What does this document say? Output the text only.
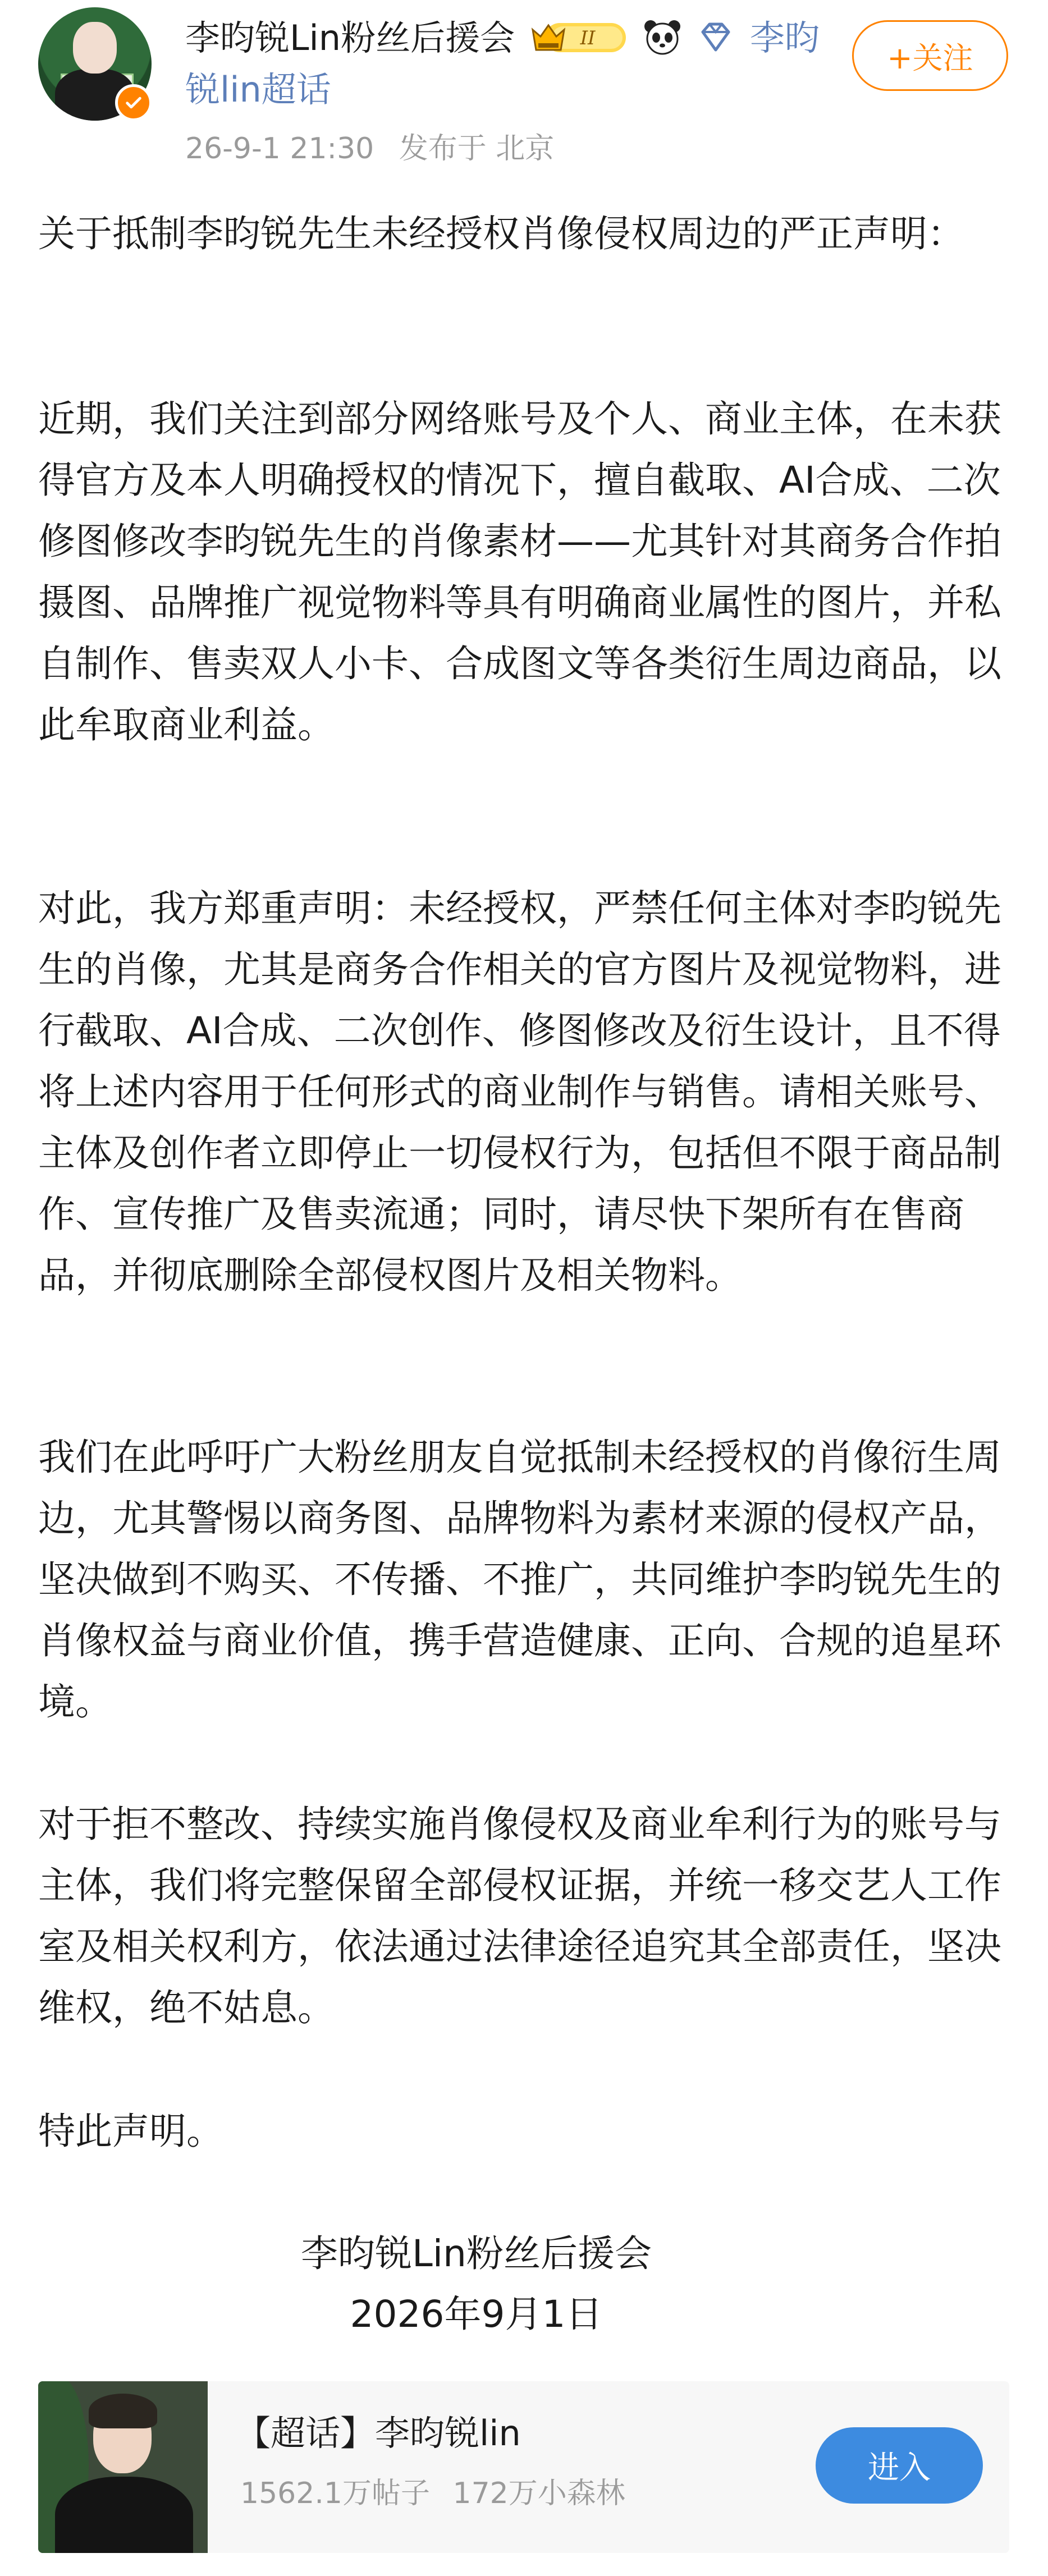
李昀锐Lin粉丝后援会	II	李昀锐lin超话
26-9-1 21:30 发布于 北京
+关注

关于抵制李昀锐先生未经授权肖像侵权周边的严正声明：

近期，我们关注到部分网络账号及个人、商业主体，在未获得官方及本人明确授权的情况下，擅自截取、AI合成、二次修图修改李昀锐先生的肖像素材——尤其针对其商务合作拍摄图、品牌推广视觉物料等具有明确商业属性的图片，并私自制作、售卖双人小卡、合成图文等各类衍生周边商品，以此牟取商业利益。

对此，我方郑重声明：未经授权，严禁任何主体对李昀锐先生的肖像，尤其是商务合作相关的官方图片及视觉物料，进行截取、AI合成、二次创作、修图修改及衍生设计，且不得将上述内容用于任何形式的商业制作与销售。请相关账号、主体及创作者立即停止一切侵权行为，包括但不限于商品制作、宣传推广及售卖流通；同时，请尽快下架所有在售商品，并彻底删除全部侵权图片及相关物料。

我们在此呼吁广大粉丝朋友自觉抵制未经授权的肖像衍生周边，尤其警惕以商务图、品牌物料为素材来源的侵权产品，坚决做到不购买、不传播、不推广，共同维护李昀锐先生的肖像权益与商业价值，携手营造健康、正向、合规的追星环境。

对于拒不整改、持续实施肖像侵权及商业牟利行为的账号与主体，我们将完整保留全部侵权证据，并统一移交艺人工作室及相关权利方，依法通过法律途径追究其全部责任，坚决维权，绝不姑息。

特此声明。

李昀锐Lin粉丝后援会
2026年9月1日
【超话】李昀锐lin
1562.1万帖子 172万小森林
进入
